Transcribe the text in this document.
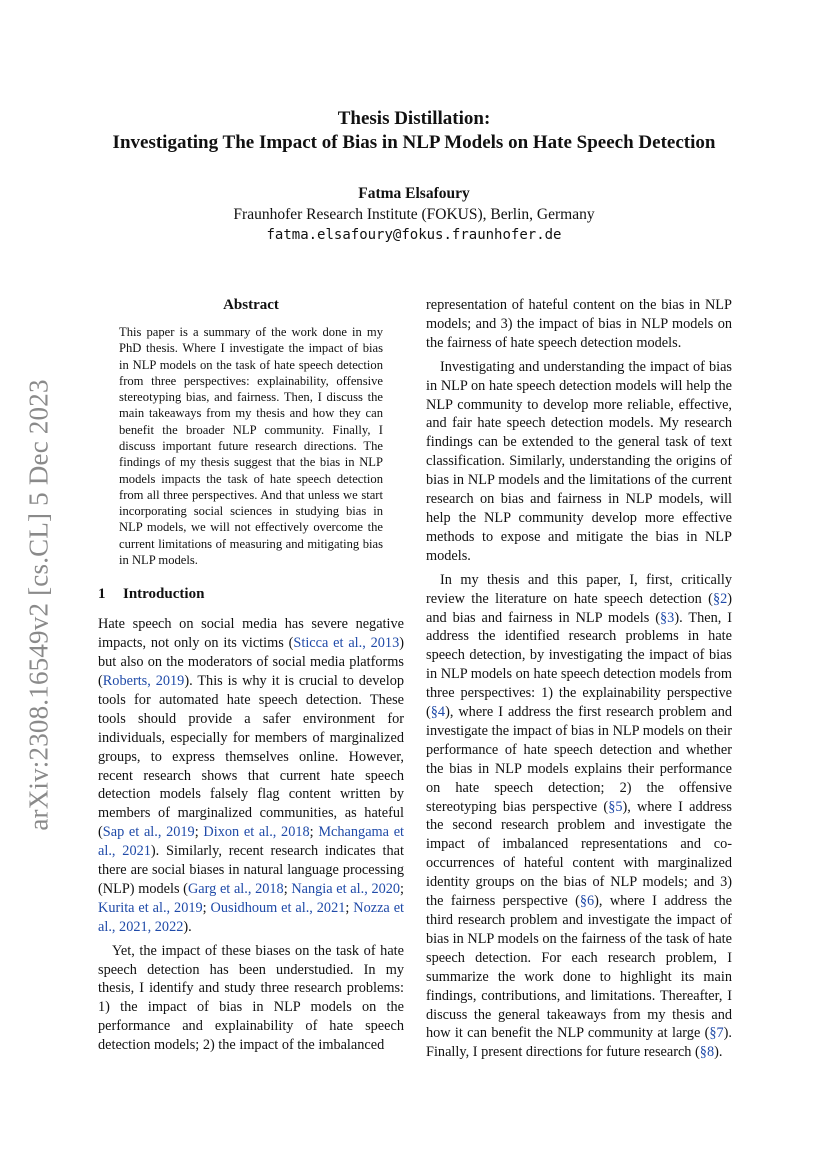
arXiv:2308.16549v2 [cs.CL] 5 Dec 2023
Thesis Distillation:
Investigating The Impact of Bias in NLP Models on Hate Speech Detection
Fatma Elsafoury
Fraunhofer Research Institute (FOKUS), Berlin, Germany
fatma.elsafoury@fokus.fraunhofer.de
Abstract

This paper is a summary of the work done in my PhD thesis. Where I investigate the impact of bias in NLP models on the task of hate speech detection from three perspectives: explainability, offensive stereotyping bias, and fairness. Then, I discuss the main takeaways from my thesis and how they can benefit the broader NLP community. Finally, I discuss important future research directions. The findings of my thesis suggest that the bias in NLP models impacts the task of hate speech detection from all three perspectives. And that unless we start incorporating social sciences in studying bias in NLP models, we will not effectively overcome the current limitations of measuring and mitigating bias in NLP models.

1 Introduction

Hate speech on social media has severe negative impacts, not only on its victims (Sticca et al., 2013) but also on the moderators of social media platforms (Roberts, 2019). This is why it is crucial to develop tools for automated hate speech detection. These tools should provide a safer environment for individuals, especially for members of marginalized groups, to express themselves online. However, recent research shows that current hate speech detection models falsely flag content written by members of marginalized communities, as hateful (Sap et al., 2019; Dixon et al., 2018; Mchangama et al., 2021). Similarly, recent research indicates that there are social biases in natural language processing (NLP) models (Garg et al., 2018; Nangia et al., 2020; Kurita et al., 2019; Ousidhoum et al., 2021; Nozza et al., 2021, 2022).

Yet, the impact of these biases on the task of hate speech detection has been understudied. In my thesis, I identify and study three research problems: 1) the impact of bias in NLP models on the performance and explainability of hate speech detection models; 2) the impact of the imbalanced

representation of hateful content on the bias in NLP models; and 3) the impact of bias in NLP models on the fairness of hate speech detection models.

Investigating and understanding the impact of bias in NLP on hate speech detection models will help the NLP community to develop more reliable, effective, and fair hate speech detection models. My research findings can be extended to the general task of text classification. Similarly, understanding the origins of bias in NLP models and the limitations of the current research on bias and fairness in NLP models, will help the NLP community develop more effective methods to expose and mitigate the bias in NLP models.

In my thesis and this paper, I, first, critically review the literature on hate speech detection (§2) and bias and fairness in NLP models (§3). Then, I address the identified research problems in hate speech detection, by investigating the impact of bias in NLP models on hate speech detection models from three perspectives: 1) the explainability perspective (§4), where I address the first research problem and investigate the impact of bias in NLP models on their performance of hate speech detection and whether the bias in NLP models explains their performance on hate speech detection; 2) the offensive stereotyping bias perspective (§5), where I address the second research problem and investigate the impact of imbalanced representations and co-occurrences of hateful content with marginalized identity groups on the bias of NLP models; and 3) the fairness perspective (§6), where I address the third research problem and investigate the impact of bias in NLP models on the fairness of the task of hate speech detection. For each research problem, I summarize the work done to highlight its main findings, contributions, and limitations. Thereafter, I discuss the general takeaways from my thesis and how it can benefit the NLP community at large (§7). Finally, I present directions for future research (§8).
